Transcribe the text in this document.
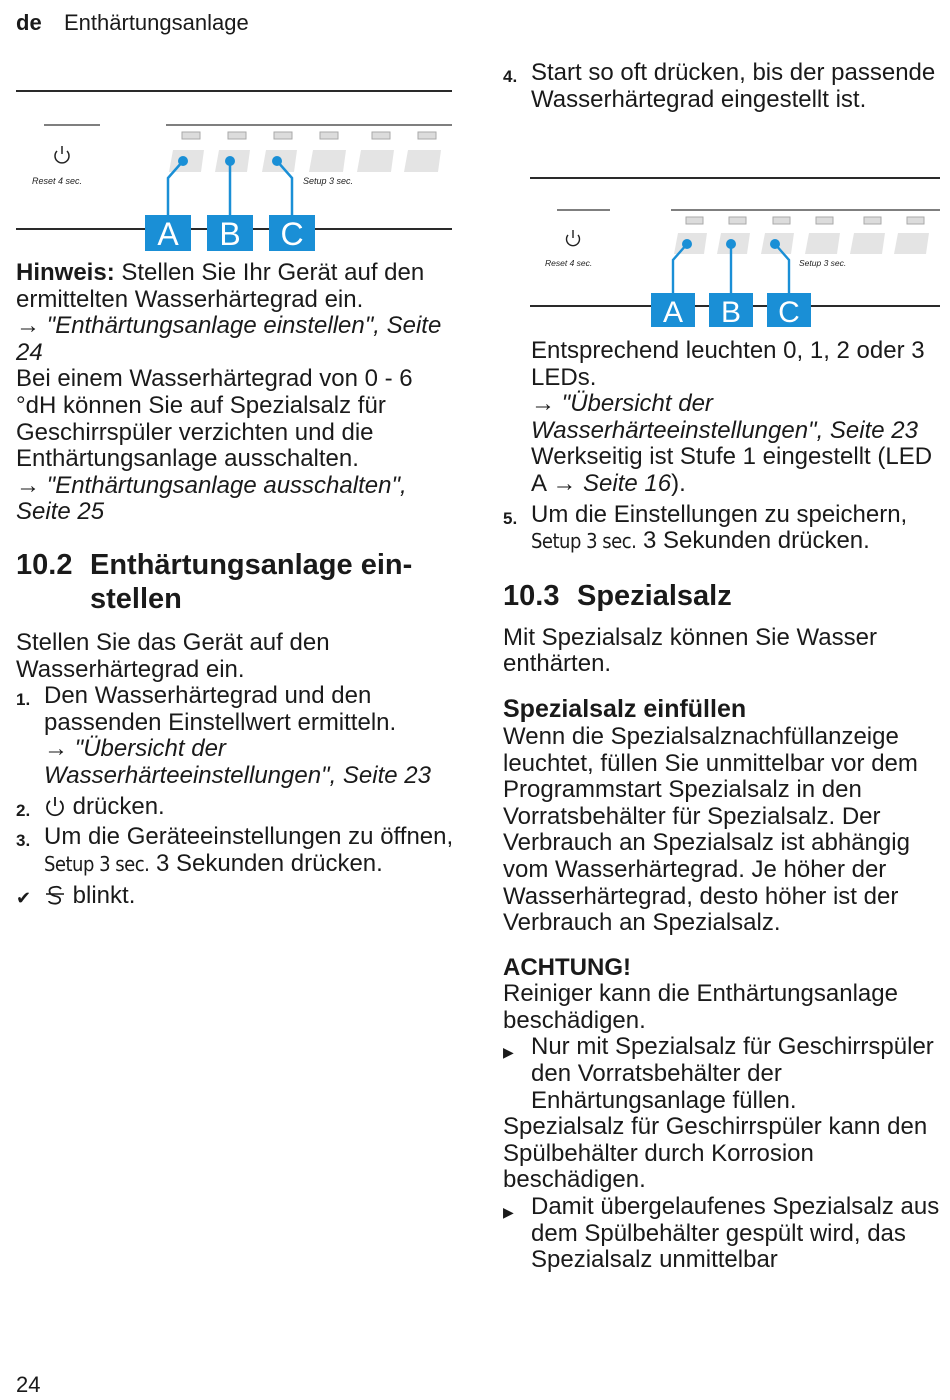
de Enthärtungsanlage
Reset 4 sec.	Setup 3 sec.
A B C

Hinweis: Stellen Sie Ihr Gerät auf den ermittelten Wasserhärtegrad ein.

→ "Enthärtungsanlage einstellen", Seite 24

Bei einem Wasserhärtegrad von 0 - 6 °dH können Sie auf Spezialsalz für Geschirrspüler verzichten und die Enthärtungsanlage ausschalten.

→ "Enthärtungsanlage ausschalten", Seite 25

10.2 Enthärtungsanlage ein-
stellen

Stellen Sie das Gerät auf den Wasserhärtegrad ein.

1. Den Wasserhärtegrad und den passenden Einstellwert ermitteln.

→ "Übersicht der Wasserhärteeinstellungen", Seite 23

2.	drücken.

3. Um die Geräteeinstellungen zu öffnen, Setup 3 sec. 3 Sekunden drücken.

✔	blinkt.

4. Start so oft drücken, bis der passende Wasserhärtegrad eingestellt ist.

Reset 4 sec.	Setup 3 sec.
A B C

Entsprechend leuchten 0, 1, 2 oder 3 LEDs.

→ "Übersicht der Wasserhärteeinstellungen", Seite 23

Werkseitig ist Stufe 1 eingestellt (LED A → Seite 16).

5. Um die Einstellungen zu speichern, Setup 3 sec. 3 Sekunden drücken.

10.3 Spezialsalz

Mit Spezialsalz können Sie Wasser enthärten.

Spezialsalz einfüllen

Wenn die Spezialsalznachfüllanzeige leuchtet, füllen Sie unmittelbar vor dem Programmstart Spezialsalz in den Vorratsbehälter für Spezialsalz. Der Verbrauch an Spezialsalz ist abhängig vom Wasserhärtegrad. Je höher der Wasserhärtegrad, desto höher ist der Verbrauch an Spezialsalz.

ACHTUNG!

Reiniger kann die Enthärtungsanlage beschädigen.

▶ Nur mit Spezialsalz für Geschirrspüler den Vorratsbehälter der Enhärtungsanlage füllen.

Spezialsalz für Geschirrspüler kann den Spülbehälter durch Korrosion beschädigen.

▶ Damit übergelaufenes Spezialsalz aus dem Spülbehälter gespült wird, das Spezialsalz unmittelbar

24
